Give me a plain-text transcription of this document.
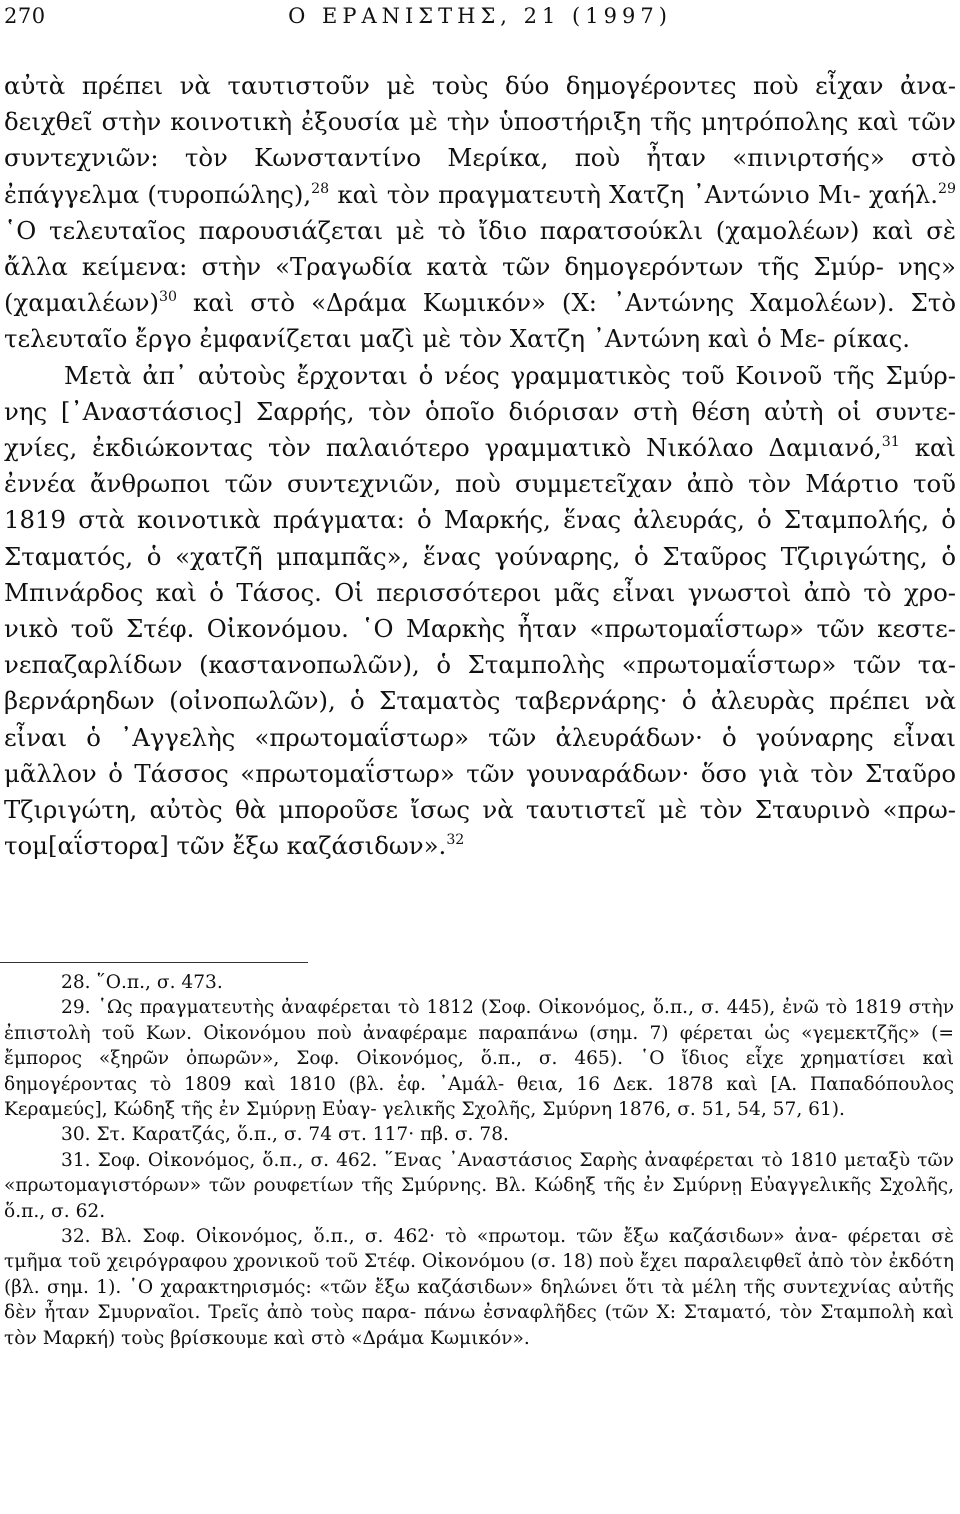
270	Ο ΕΡΑΝΙΣΤΗΣ, 21 (1997)

αὐτὰ πρέπει νὰ ταυτιστοῦν μὲ τοὺς δύο δημογέροντες ποὺ εἶχαν ἀνα- δειχθεῖ στὴν κοινοτικὴ ἐξουσία μὲ τὴν ὑποστήριξη τῆς μητρόπολης καὶ τῶν συντεχνιῶν: τὸν Κωνσταντίνο Μερίκα, ποὺ ἦταν «πινιρτσής» στὸ ἐπάγγελμα (τυροπώλης),$^{28}$ καὶ τὸν πραγματευτὴ Χατζη ᾿Αντώνιο Μι- χαήλ.$^{29}$ ῾Ο τελευταῖος παρουσιάζεται μὲ τὸ ἴδιο παρατσούκλι (χαμολέων) καὶ σὲ ἄλλα κείμενα: στὴν «Τραγωδία κατὰ τῶν δημογερόντων τῆς Σμύρ- νης» $(\chi\alpha\mu\alpha\iota\lambda έ\omega\nu)^{30}$ καὶ στὸ «Δράμα Κωμικόν» (Χ: ᾿Αντώνης Χαμολέων). Στὸ τελευταῖο ἔργο ἐμφανίζεται μαζὶ μὲ τὸν Χατζη ᾿Αντώνη καὶ ὁ Με- ρίκας.

Μετὰ ἀπ᾿ αὐτοὺς ἔρχονται ὁ νέος γραμματικὸς τοῦ Κοινοῦ τῆς Σμύρ- νης [᾿Αναστάσιος] Σαρρής, τὸν ὁποῖο διόρισαν στὴ θέση αὐτὴ οἱ συντε- χνίες, ἐκδιώκοντας τὸν παλαιότερο γραμματικὸ Νικόλαο Δαμιανό,$^{31}$ καὶ ἐννέα ἄνθρωποι τῶν συντεχνιῶν, ποὺ συμμετεῖχαν ἀπὸ τὸν Μάρτιο τοῦ 1819 στὰ κοινοτικὰ πράγματα: ὁ Μαρκής, ἕνας ἀλευράς, ὁ Σταμπολής, ὁ Σταματός, ὁ «χατζῆ μπαμπᾶς», ἕνας γούναρης, ὁ Σταῦρος Τζιριγώτης, ὁ Μπινάρδος καὶ ὁ Τάσος. Οἱ περισσότεροι μᾶς εἶναι γνωστοὶ ἀπὸ τὸ χρο- νικὸ τοῦ Στέφ. Οἰκονόμου. ῾Ο Μαρκὴς ἦταν «πρωτομαΐστωρ» τῶν κεστε- νεπαζαρλίδων (καστανοπωλῶν), ὁ Σταμπολὴς «πρωτομαΐστωρ» τῶν τα- βερνάρηδων (οἰνοπωλῶν), ὁ Σταματὸς ταβερνάρης· ὁ ἀλευρὰς πρέπει νὰ εἶναι ὁ ᾿Αγγελὴς «πρωτομαΐστωρ» τῶν ἀλευράδων· ὁ γούναρης εἶναι μᾶλλον ὁ Τάσσος «πρωτομαΐστωρ» τῶν γουναράδων· ὅσο γιὰ τὸν Σταῦρο Τζιριγώτη, αὐτὸς θὰ μποροῦσε ἴσως νὰ ταυτιστεῖ μὲ τὸν Σταυρινὸ «πρω- τομ[αΐστορα] τῶν ἔξω καζάσιδων».$^{32}$

28. ῞Ο.π., σ. 473.

29. ῾Ως πραγματευτὴς ἀναφέρεται τὸ 1812 (Σοφ. Οἰκονόμος, ὅ.π., σ. 445), ἐνῶ τὸ 1819 στὴν ἐπιστολὴ τοῦ Κων. Οἰκονόμου ποὺ ἀναφέραμε παραπάνω (σημ. 7) φέρεται ὡς «γεμεκτζῆς» (= ἔμπορος «ξηρῶν ὀπωρῶν», Σοφ. Οἰκονόμος, ὅ.π., σ. 465). ῾Ο ἴδιος εἶχε χρηματίσει καὶ δημογέροντας τὸ 1809 καὶ 1810 (βλ. ἐφ. ᾿Αμάλ- θεια, 16 Δεκ. 1878 καὶ [Α. Παπαδόπουλος Κεραμεύς], Κώδηξ τῆς ἐν Σμύρνῃ Εὐαγ- γελικῆς Σχολῆς, Σμύρνη 1876, σ. 51, 54, 57, 61).

30. Στ. Καρατζάς, ὅ.π., σ. 74 στ. 117· πβ. σ. 78.

31. Σοφ. Οἰκονόμος, ὅ.π., σ. 462. ῞Ενας ᾿Αναστάσιος Σαρὴς ἀναφέρεται τὸ 1810 μεταξὺ τῶν «πρωτομαγιστόρων» τῶν ρουφετίων τῆς Σμύρνης. Βλ. Κώδηξ τῆς ἐν Σμύρνῃ Εὐαγγελικῆς Σχολῆς, ὅ.π., σ. 62.

32. Βλ. Σοφ. Οἰκονόμος, ὅ.π., σ. 462· τὸ «πρωτομ. τῶν ἔξω καζάσιδων» ἀνα- φέρεται σὲ τμῆμα τοῦ χειρόγραφου χρονικοῦ τοῦ Στέφ. Οἰκονόμου (σ. 18) ποὺ ἔχει παραλειφθεῖ ἀπὸ τὸν ἐκδότη (βλ. σημ. 1). ῾Ο χαρακτηρισμός: «τῶν ἔξω καζάσιδων» δηλώνει ὅτι τὰ μέλη τῆς συντεχνίας αὐτῆς δὲν ἦταν Σμυρναῖοι. Τρεῖς ἀπὸ τοὺς παρα- πάνω ἐσναφλῆδες (τῶν Χ: Σταματό, τὸν Σταμπολὴ καὶ τὸν Μαρκή) τοὺς βρίσκουμε καὶ στὸ «Δράμα Κωμικόν».
